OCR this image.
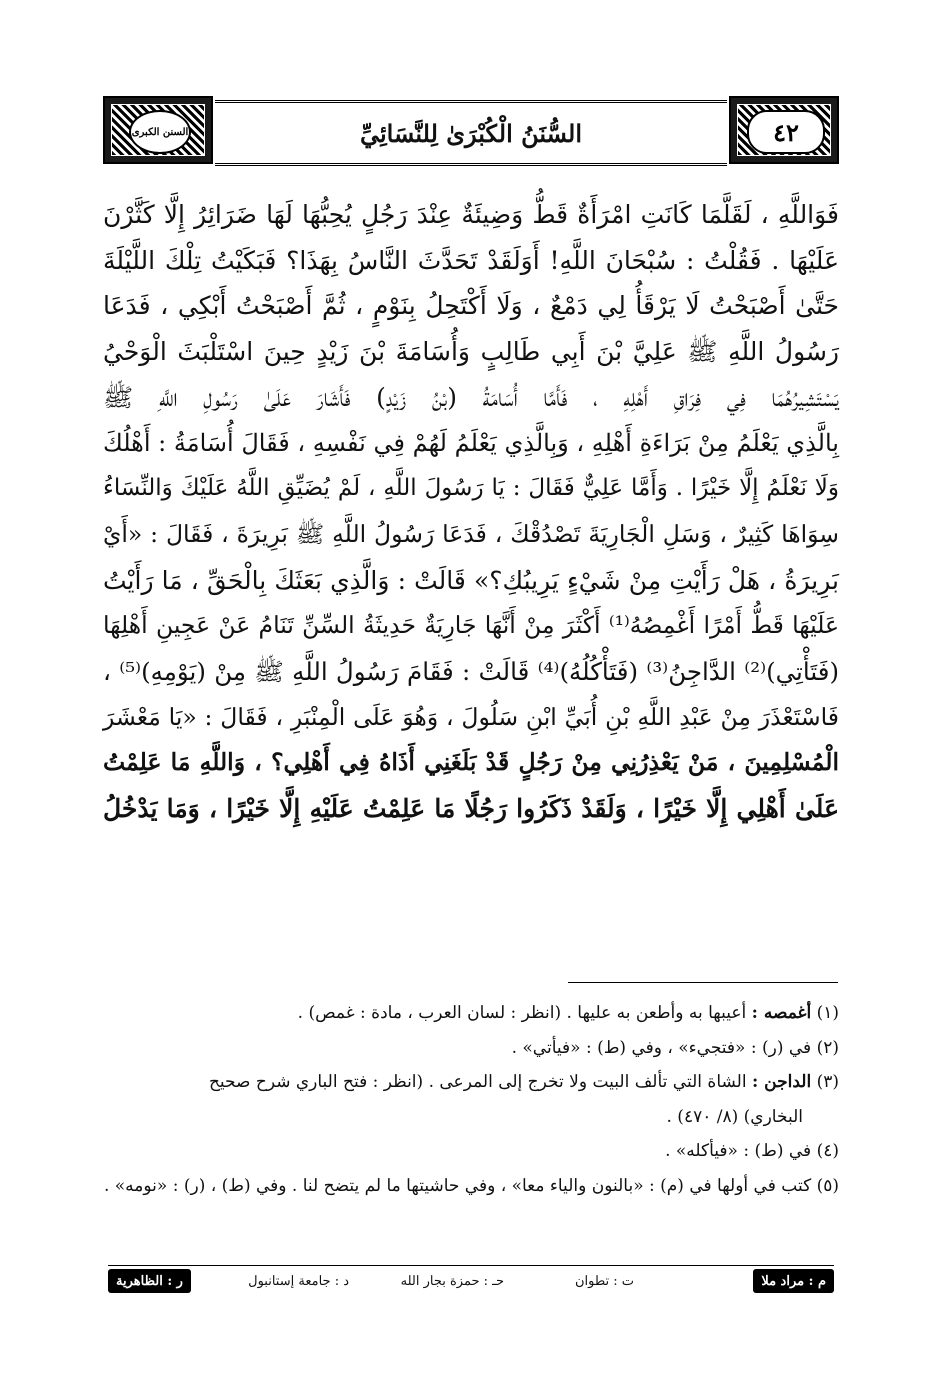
السنن الكبرى	السُّنَنُ الْكُبْرَىٰ لِلنَّسَائِيِّ	٤٢
فَوَاللَّهِ ، لَقَلَّمَا كَانَتِ امْرَأَةٌ قَطُّ وَضِيئَةٌ عِنْدَ رَجُلٍ يُحِبُّهَا لَهَا ضَرَائِرُ إِلَّا كَثَّرْنَ
عَلَيْهَا . فَقُلْتُ : سُبْحَانَ اللَّهِ! أَوَلَقَدْ تَحَدَّثَ النَّاسُ بِهَذَا؟ فَبَكَيْتُ تِلْكَ اللَّيْلَةَ
حَتَّىٰ أَصْبَحْتُ لَا يَرْقَأُ لِي دَمْعٌ ، وَلَا أَكْتَحِلُ بِنَوْمٍ ، ثُمَّ أَصْبَحْتُ أَبْكِي ، فَدَعَا
رَسُولُ اللَّهِ ﷺ عَلِيَّ بْنَ أَبِي طَالِبٍ وَأُسَامَةَ بْنَ زَيْدٍ حِينَ اسْتَلْبَثَ الْوَحْيُ
يَسْتَشِيرُهُمَا فِي فِرَاقِ أَهْلِهِ ، فَأَمَّا أُسَامَةُ (بْنُ زَيْدٍ) فَأَشَارَ عَلَىٰ رَسُولِ اللَّهِ ﷺ
بِالَّذِي يَعْلَمُ مِنْ بَرَاءَةِ أَهْلِهِ ، وَبِالَّذِي يَعْلَمُ لَهُمْ فِي نَفْسِهِ ، فَقَالَ أُسَامَةُ : أَهْلُكَ
وَلَا نَعْلَمُ إِلَّا خَيْرًا . وَأَمَّا عَلِيٌّ فَقَالَ : يَا رَسُولَ اللَّهِ ، لَمْ يُضَيِّقِ اللَّهُ عَلَيْكَ وَالنِّسَاءُ
سِوَاهَا كَثِيرٌ ، وَسَلِ الْجَارِيَةَ تَصْدُقْكَ ، فَدَعَا رَسُولُ اللَّهِ ﷺ بَرِيرَةَ ، فَقَالَ : «أَيْ
بَرِيرَةُ ، هَلْ رَأَيْتِ مِنْ شَيْءٍ يَرِيبُكِ؟» قَالَتْ : وَالَّذِي بَعَثَكَ بِالْحَقِّ ، مَا رَأَيْتُ
عَلَيْهَا قَطُّ أَمْرًا أَغْمِصُهُ⁽¹⁾ أَكْثَرَ مِنْ أَنَّهَا جَارِيَةٌ حَدِيثَةُ السِّنِّ تَنَامُ عَنْ عَجِينِ أَهْلِهَا
(فَتَأْتِي)⁽²⁾ الدَّاجِنُ⁽³⁾ (فَتَأْكُلُهُ)⁽⁴⁾ قَالَتْ : فَقَامَ رَسُولُ اللَّهِ ﷺ مِنْ (يَوْمِهِ)⁽⁵⁾ ،
فَاسْتَعْذَرَ مِنْ عَبْدِ اللَّهِ بْنِ أُبَيِّ ابْنِ سَلُولَ ، وَهُوَ عَلَى الْمِنْبَرِ ، فَقَالَ : «يَا مَعْشَرَ
الْمُسْلِمِينَ ، مَنْ يَعْذِرُنِي مِنْ رَجُلٍ قَدْ بَلَغَنِي أَذَاهُ فِي أَهْلِي؟ ، وَاللَّهِ مَا عَلِمْتُ
عَلَىٰ أَهْلِي إِلَّا خَيْرًا ، وَلَقَدْ ذَكَرُوا رَجُلًا مَا عَلِمْتُ عَلَيْهِ إِلَّا خَيْرًا ، وَمَا يَدْخُلُ
(١) أغمصه : أعيبها به وأطعن به عليها . (انظر : لسان العرب ، مادة : غمص) .
(٢) في (ر) : «فتجيء» ، وفي (ط) : «فيأتي» .
(٣) الداجن : الشاة التي تألف البيت ولا تخرج إلى المرعى . (انظر : فتح الباري شرح صحيح
البخاري) (٨/ ٤٧٠) .
(٤) في (ط) : «فيأكله» .
(٥) كتب في أولها في (م) : «بالنون والياء معا» ، وفي حاشيتها ما لم يتضح لنا . وفي (ط) ، (ر) : «نومه» .
م : مراد ملا
ت : تطوان
حـ : حمزة بجار الله
د : جامعة إستانبول
ر : الظاهرية
